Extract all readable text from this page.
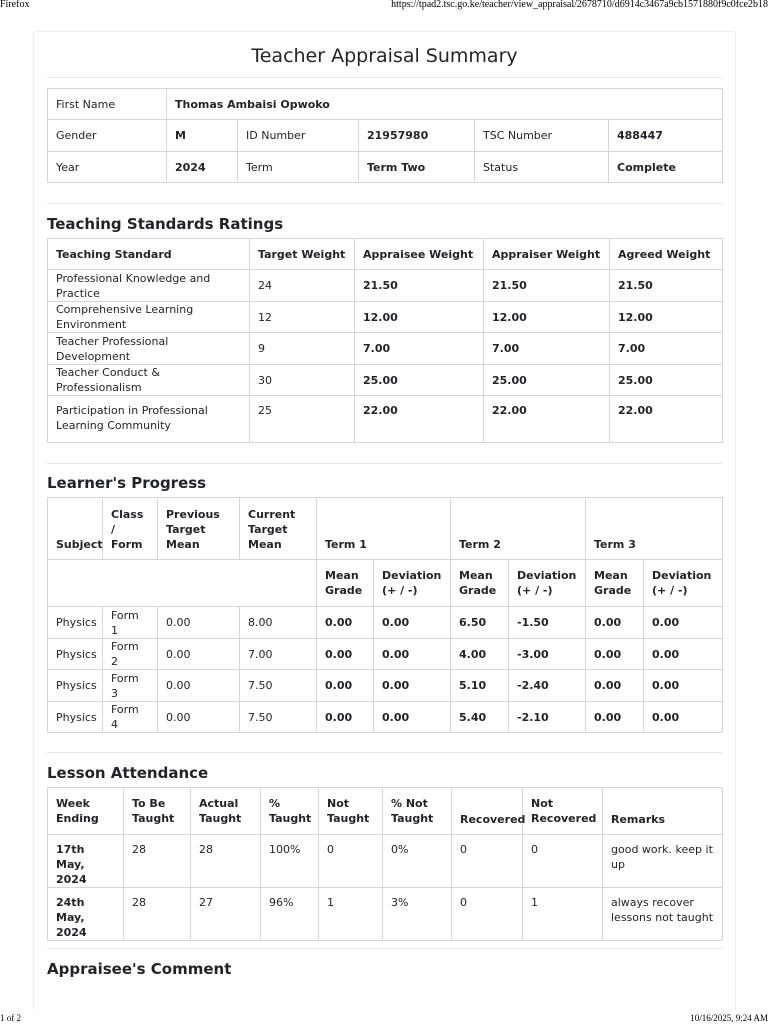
Firefox	https://tpad2.tsc.go.ke/teacher/view_appraisal/2678710/d6914c3467a9cb1571880f9c0fce2b18
Teacher Appraisal Summary
First Name	Thomas Ambaisi Opwoko				
Gender	M	ID Number	21957980	TSC Number	488447
Year	2024	Term	Term Two	Status	Complete
Teaching Standards Ratings
Teaching Standard	Target Weight	Appraisee Weight	Appraiser Weight	Agreed Weight
Professional Knowledge and Practice	24	21.50	21.50	21.50
Comprehensive Learning Environment	12	12.00	12.00	12.00
Teacher Professional Development	9	7.00	7.00	7.00
Teacher Conduct & Professionalism	30	25.00	25.00	25.00
Participation in Professional Learning Community	25	22.00	22.00	22.00
Learner's Progress
Subject	Class / Form	Previous Target Mean	Current Target Mean	Term 1		Term 2		Term 3	
				Mean Grade	Deviation (+ / -)	Mean Grade	Deviation (+ / -)	Mean Grade	Deviation (+ / -)
Physics	Form 1	0.00	8.00	0.00	0.00	6.50	-1.50	0.00	0.00
Physics	Form 2	0.00	7.00	0.00	0.00	4.00	-3.00	0.00	0.00
Physics	Form 3	0.00	7.50	0.00	0.00	5.10	-2.40	0.00	0.00
Physics	Form 4	0.00	7.50	0.00	0.00	5.40	-2.10	0.00	0.00
Lesson Attendance
Week Ending	To Be Taught	Actual Taught	% Taught	Not Taught	% Not Taught	Recovered	Not Recovered	Remarks
17th May, 2024	28	28	100%	0	0%	0	0	good work. keep it up
24th May, 2024	28	27	96%	1	3%	0	1	always recover lessons not taught
Appraisee's Comment
1 of 2	10/16/2025, 9:24 AM
